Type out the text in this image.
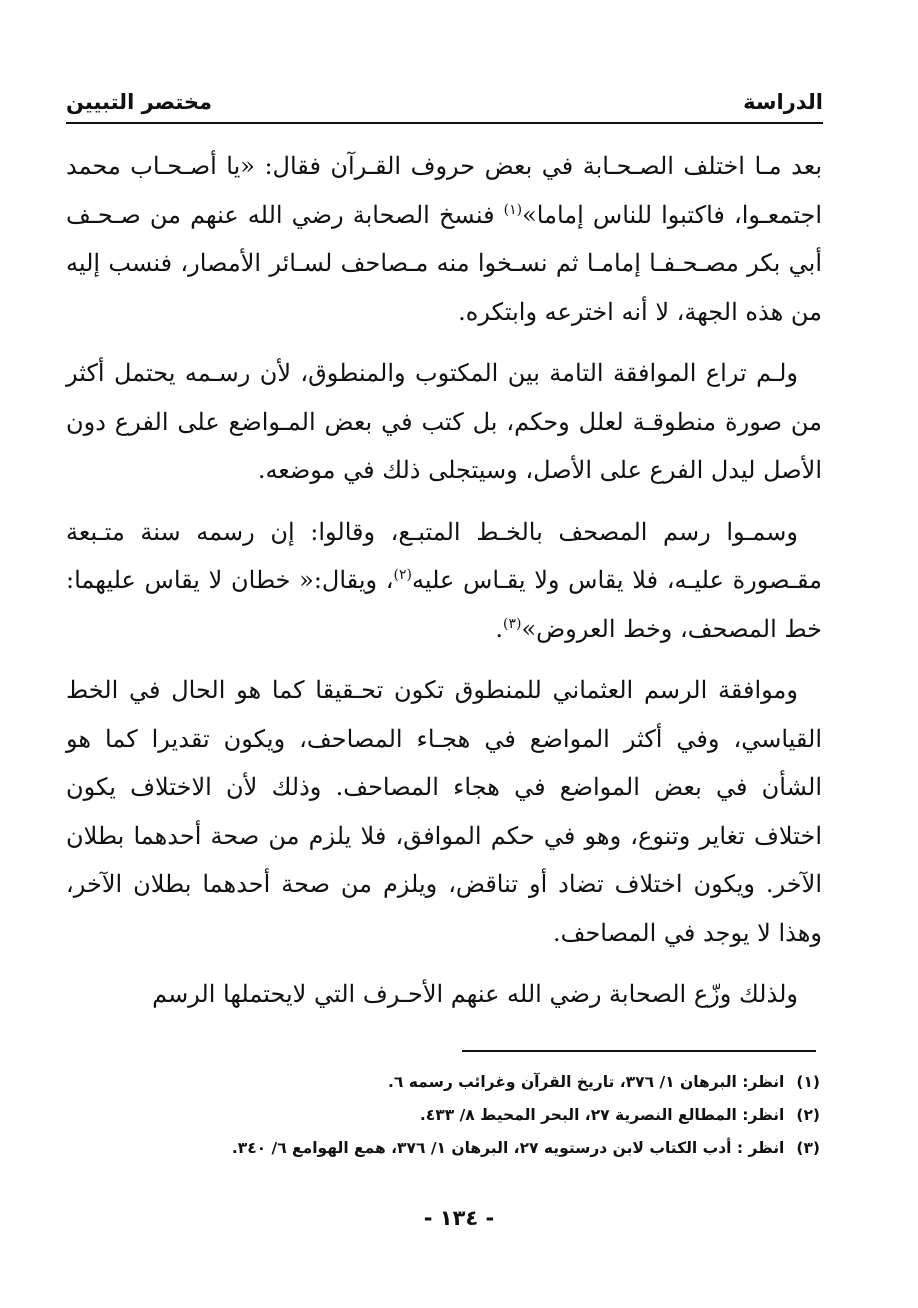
الدراسة
مختصر التبيين

بعد مـا اختلف الصـحـابة في بعض حروف القـرآن فقال: «يا أصـحـاب محمد اجتمعـوا، فاكتبوا للناس إماما»$^{(١)}$ فنسخ الصحابة رضي الله عنهم من صـحـف أبي بكر مصـحـفـا إمامـا ثم نسـخوا منه مـصاحف لسـائر الأمصار، فنسب إليه من هذه الجهة، لا أنه اخترعه وابتكره.

ولـم تراع الموافقة التامة بين المكتوب والمنطوق، لأن رسـمه يحتمل أكثر من صورة منطوقـة لعلل وحكم، بل كتب في بعض المـواضع على الفرع دون الأصل ليدل الفرع على الأصل، وسيتجلى ذلك في موضعه.

وسمـوا رسم المصحف بالخـط المتبـع، وقالوا: إن رسمه سنة متـبعة مقـصورة عليـه، فلا يقاس ولا يقـاس عليه$^{(٢)}$، ويقال:« خطان لا يقاس عليهما: خط المصحف، وخط العروض»$^{(٣)}$.

وموافقة الرسم العثماني للمنطوق تكون تحـقيقا كما هو الحال في الخط القياسي، وفي أكثر المواضع في هجـاء المصاحف، ويكون تقديرا كما هو الشأن في بعض المواضع في هجاء المصاحف. وذلك لأن الاختلاف يكون اختلاف تغاير وتنوع، وهو في حكم الموافق، فلا يلزم من صحة أحدهما بطلان الآخر. ويكون اختلاف تضاد أو تناقض، ويلزم من صحة أحدهما بطلان الآخر، وهذا لا يوجد في المصاحف.

ولذلك وزّع الصحابة رضي الله عنهم الأحـرف التي لايحتملها الرسم

(١)انظر: البرهان ١/ ٣٧٦، تاريخ القرآن وغرائب رسمه ٦.
(٢)انظر: المطالع النصرية ٢٧، البحر المحيط ٨/ ٤٣٣.
(٣)انظر : أدب الكتاب لابن درستويه ٢٧، البرهان ١/ ٣٧٦، همع الهوامع ٦/ ٣٤٠.
- ١٣٤ -
